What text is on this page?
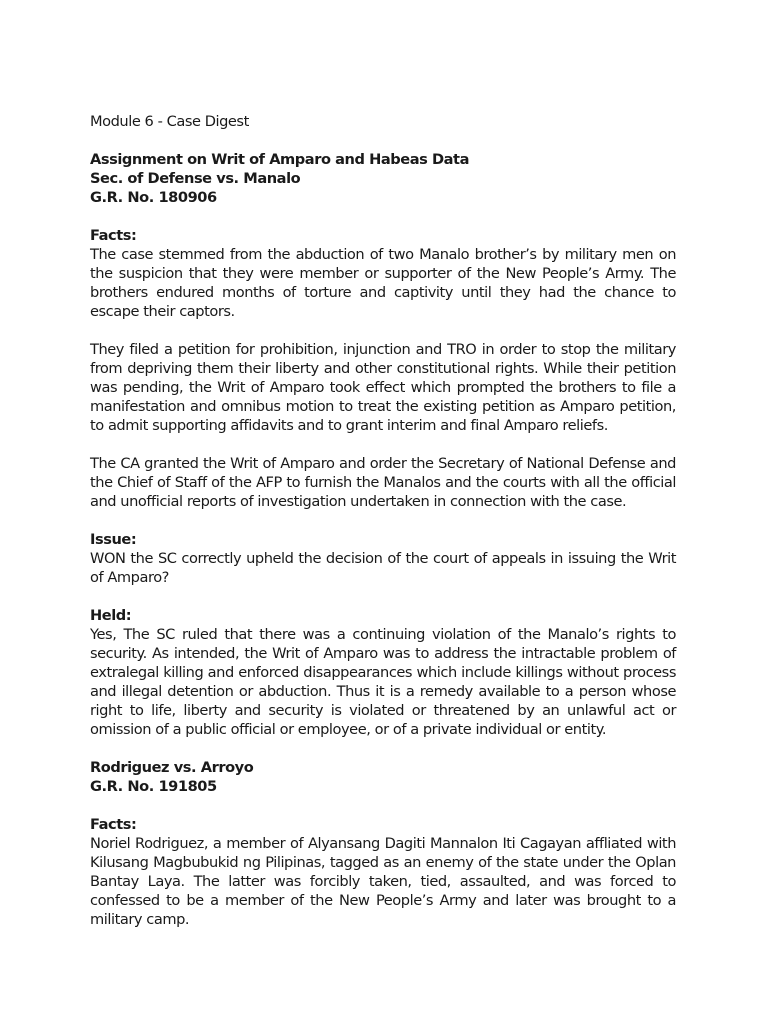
Module 6 - Case Digest
Assignment on Writ of Amparo and Habeas Data
Sec. of Defense vs. Manalo
G.R. No. 180906
Facts:

The case stemmed from the abduction of two Manalo brother’s by military men on the suspicion that they were member or supporter of the New People’s Army. The brothers endured months of torture and captivity until they had the chance to escape their captors.

They filed a petition for prohibition, injunction and TRO in order to stop the military from depriving them their liberty and other constitutional rights. While their petition was pending, the Writ of Amparo took effect which prompted the brothers to file a manifestation and omnibus motion to treat the existing petition as Amparo petition, to admit supporting affidavits and to grant interim and final Amparo reliefs.

The CA granted the Writ of Amparo and order the Secretary of National Defense and the Chief of Staff of the AFP to furnish the Manalos and the courts with all the official and unofficial reports of investigation undertaken in connection with the case.

Issue:

WON the SC correctly upheld the decision of the court of appeals in issuing the Writ of Amparo?

Held:

Yes, The SC ruled that there was a continuing violation of the Manalo’s rights to security. As intended, the Writ of Amparo was to address the intractable problem of extralegal killing and enforced disappearances which include killings without process and illegal detention or abduction. Thus it is a remedy available to a person whose right to life, liberty and security is violated or threatened by an unlawful act or omission of a public official or employee, or of a private individual or entity.

Rodriguez vs. Arroyo
G.R. No. 191805
Facts:

Noriel Rodriguez, a member of Alyansang Dagiti Mannalon Iti Cagayan affliated with Kilusang Magbubukid ng Pilipinas, tagged as an enemy of the state under the Oplan Bantay Laya. The latter was forcibly taken, tied, assaulted, and was forced to confessed to be a member of the New People’s Army and later was brought to a military camp.
